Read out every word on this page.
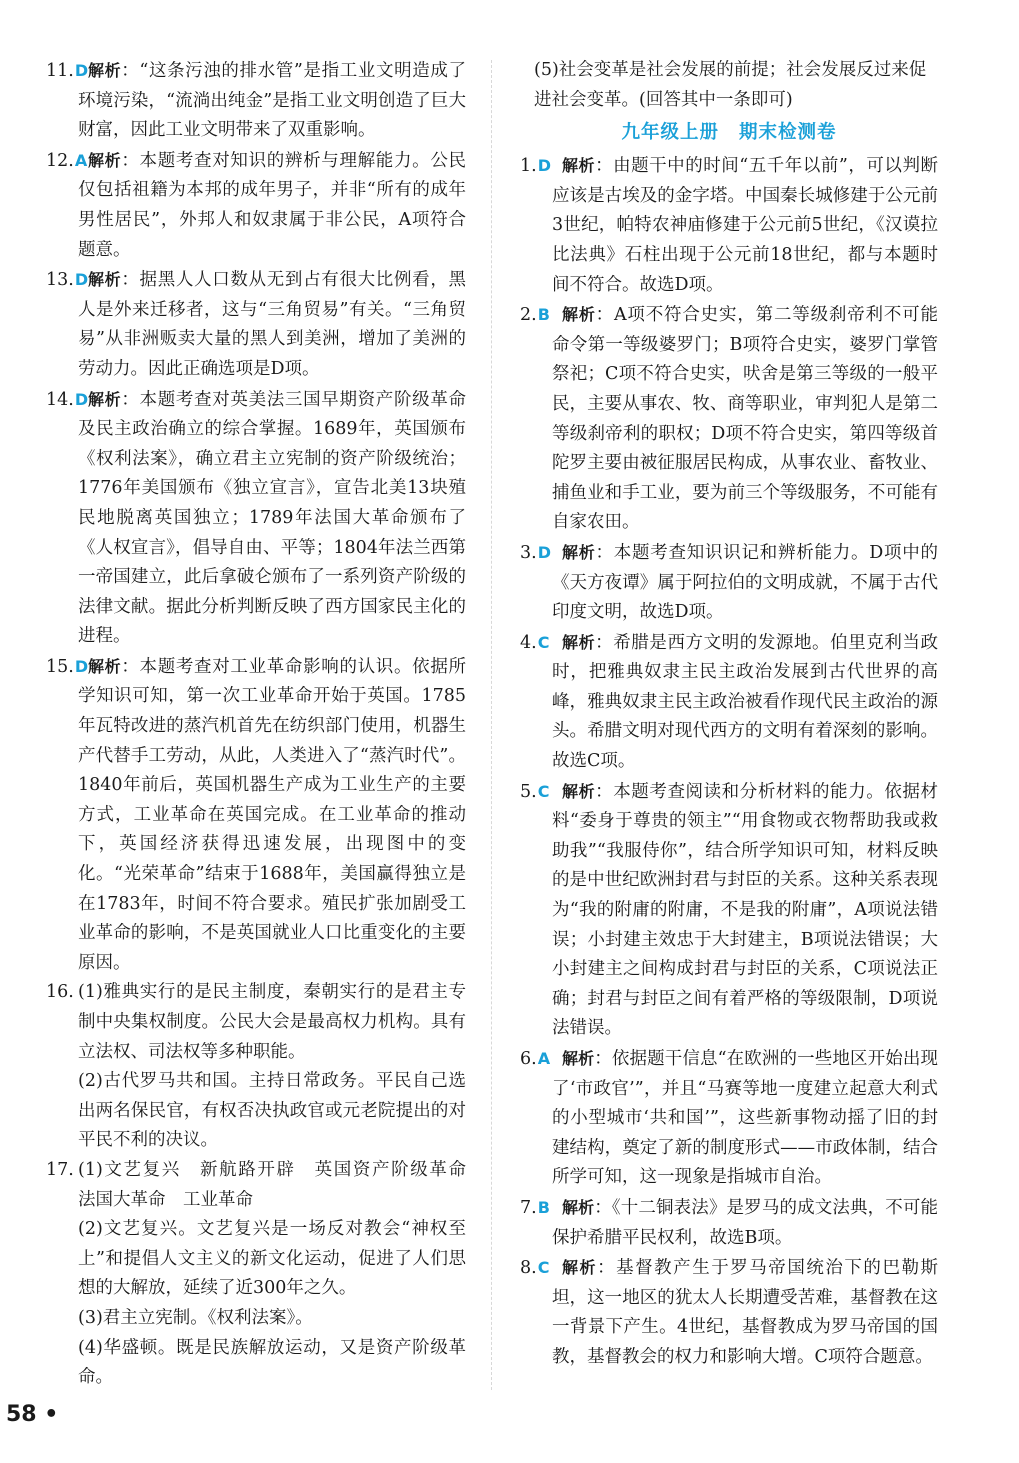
11.D 解析：“这条污浊的排水管”是指工业文明造成了环境污染，“流淌出纯金”是指工业文明创造了巨大财富，因此工业文明带来了双重影响。
12.A 解析：本题考查对知识的辨析与理解能力。公民仅包括祖籍为本邦的成年男子，并非“所有的成年男性居民”，外邦人和奴隶属于非公民，A项符合题意。
13.D 解析：据黑人人口数从无到占有很大比例看，黑人是外来迁移者，这与“三角贸易”有关。“三角贸易”从非洲贩卖大量的黑人到美洲，增加了美洲的劳动力。因此正确选项是D项。
14.D 解析：本题考查对英美法三国早期资产阶级革命及民主政治确立的综合掌握。1689年，英国颁布《权利法案》，确立君主立宪制的资产阶级统治；1776年美国颁布《独立宣言》，宣告北美13块殖民地脱离英国独立；1789年法国大革命颁布了《人权宣言》，倡导自由、平等；1804年法兰西第一帝国建立，此后拿破仑颁布了一系列资产阶级的法律文献。据此分析判断反映了西方国家民主化的进程。
15.D 解析：本题考查对工业革命影响的认识。依据所学知识可知，第一次工业革命开始于英国。1785年瓦特改进的蒸汽机首先在纺织部门使用，机器生产代替手工劳动，从此，人类进入了“蒸汽时代”。1840年前后，英国机器生产成为工业生产的主要方式，工业革命在英国完成。在工业革命的推动下，英国经济获得迅速发展，出现图中的变化。“光荣革命”结束于1688年，美国赢得独立是在1783年，时间不符合要求。殖民扩张加剧受工业革命的影响，不是英国就业人口比重变化的主要原因。
16. (1)雅典实行的是民主制度，秦朝实行的是君主专制中央集权制度。公民大会是最高权力机构。具有立法权、司法权等多种职能。
(2)古代罗马共和国。主持日常政务。平民自己选出两名保民官，有权否决执政官或元老院提出的对平民不利的决议。
17. (1)文艺复兴　新航路开辟　英国资产阶级革命　法国大革命　工业革命
(2)文艺复兴。文艺复兴是一场反对教会“神权至上”和提倡人文主义的新文化运动，促进了人们思想的大解放，延续了近300年之久。
(3)君主立宪制。《权利法案》。
(4)华盛顿。既是民族解放运动，又是资产阶级革命。
(5)社会变革是社会发展的前提；社会发展反过来促进社会变革。(回答其中一条即可)
九年级上册 期末检测卷
1.D 解析：由题干中的时间“五千年以前”，可以判断应该是古埃及的金字塔。中国秦长城修建于公元前3世纪，帕特农神庙修建于公元前5世纪，《汉谟拉比法典》石柱出现于公元前18世纪，都与本题时间不符合。故选D项。
2.B 解析：A项不符合史实，第二等级刹帝利不可能命令第一等级婆罗门；B项符合史实，婆罗门掌管祭祀；C项不符合史实，吠舍是第三等级的一般平民，主要从事农、牧、商等职业，审判犯人是第二等级刹帝利的职权；D项不符合史实，第四等级首陀罗主要由被征服居民构成，从事农业、畜牧业、捕鱼业和手工业，要为前三个等级服务，不可能有自家农田。
3.D 解析：本题考查知识识记和辨析能力。D项中的《天方夜谭》属于阿拉伯的文明成就，不属于古代印度文明，故选D项。
4.C 解析：希腊是西方文明的发源地。伯里克利当政时，把雅典奴隶主民主政治发展到古代世界的高峰，雅典奴隶主民主政治被看作现代民主政治的源头。希腊文明对现代西方的文明有着深刻的影响。故选C项。
5.C 解析：本题考查阅读和分析材料的能力。依据材料“委身于尊贵的领主”“用食物或衣物帮助我或救助我”“我服侍你”，结合所学知识可知，材料反映的是中世纪欧洲封君与封臣的关系。这种关系表现为“我的附庸的附庸，不是我的附庸”，A项说法错误；小封建主效忠于大封建主，B项说法错误；大小封建主之间构成封君与封臣的关系，C项说法正确；封君与封臣之间有着严格的等级限制，D项说法错误。
6.A 解析：依据题干信息“在欧洲的一些地区开始出现了‘市政官’”，并且“马赛等地一度建立起意大利式的小型城市‘共和国’”，这些新事物动摇了旧的封建结构，奠定了新的制度形式——市政体制，结合所学可知，这一现象是指城市自治。
7.B 解析：《十二铜表法》是罗马的成文法典，不可能保护希腊平民权利，故选B项。
8.C 解析：基督教产生于罗马帝国统治下的巴勒斯坦，这一地区的犹太人长期遭受苦难，基督教在这一背景下产生。4世纪，基督教成为罗马帝国的国教，基督教会的权力和影响大增。C项符合题意。
58 •
